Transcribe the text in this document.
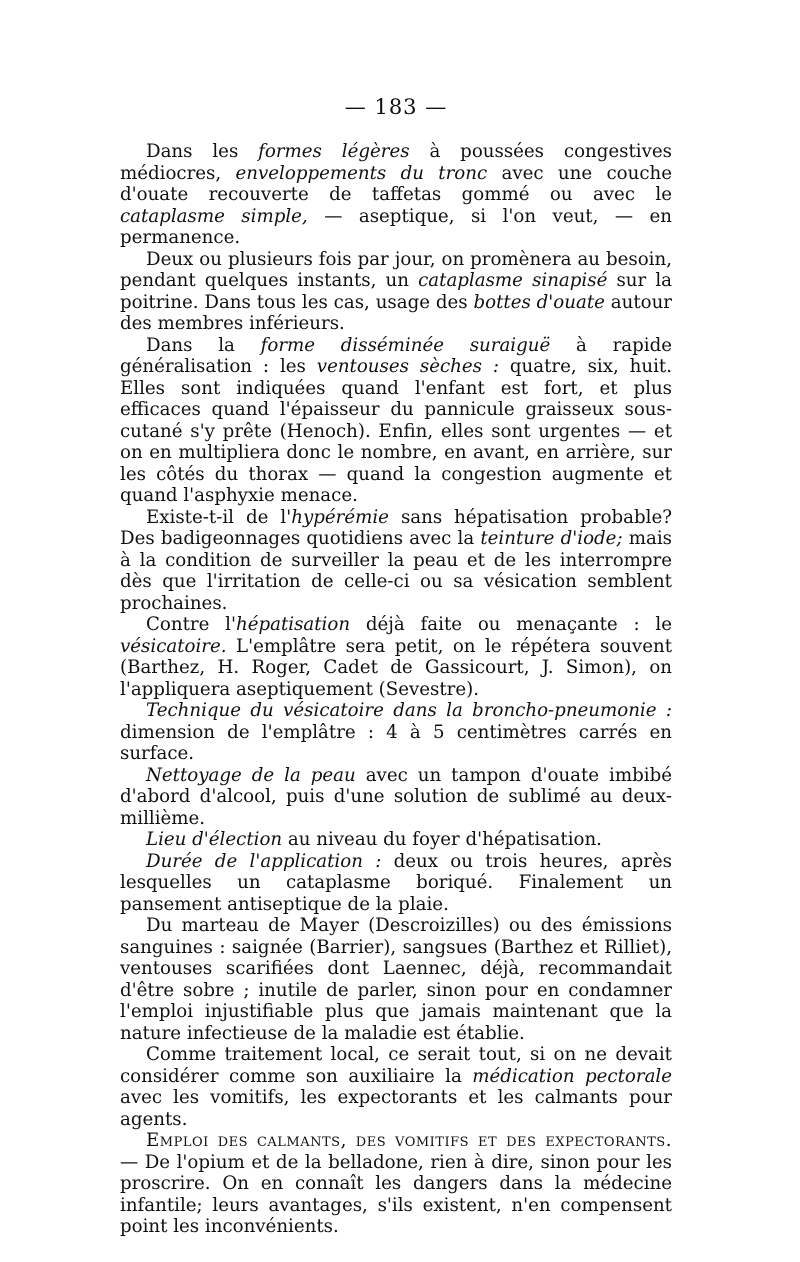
— 183 —

Dans les formes légères à poussées congestives médiocres, enveloppements du tronc avec une couche d'ouate recouverte de taffetas gommé ou avec le cataplasme simple, — aseptique, si l'on veut, — en permanence.

Deux ou plusieurs fois par jour, on promènera au besoin, pendant quelques instants, un cataplasme sinapisé sur la poitrine. Dans tous les cas, usage des bottes d'ouate autour des membres inférieurs.

Dans la forme disséminée suraiguë à rapide généralisation : les ventouses sèches : quatre, six, huit. Elles sont indiquées quand l'enfant est fort, et plus efficaces quand l'épaisseur du pannicule graisseux sous-cutané s'y prête (Henoch). Enfin, elles sont urgentes — et on en multipliera donc le nombre, en avant, en arrière, sur les côtés du thorax — quand la congestion augmente et quand l'asphyxie menace.

Existe-t-il de l'hypérémie sans hépatisation probable? Des badigeonnages quotidiens avec la teinture d'iode; mais à la condition de surveiller la peau et de les interrompre dès que l'irritation de celle-ci ou sa vésication semblent prochaines.

Contre l'hépatisation déjà faite ou menaçante : le vésicatoire. L'emplâtre sera petit, on le répétera souvent (Barthez, H. Roger, Cadet de Gassicourt, J. Simon), on l'appliquera aseptiquement (Sevestre).

Technique du vésicatoire dans la broncho-pneumonie : dimension de l'emplâtre : 4 à 5 centimètres carrés en surface.

Nettoyage de la peau avec un tampon d'ouate imbibé d'abord d'alcool, puis d'une solution de sublimé au deux-millième.

Lieu d'élection au niveau du foyer d'hépatisation.

Durée de l'application : deux ou trois heures, après lesquelles un cataplasme boriqué. Finalement un pansement antiseptique de la plaie.

Du marteau de Mayer (Descroizilles) ou des émissions sanguines : saignée (Barrier), sangsues (Barthez et Rilliet), ventouses scarifiées dont Laennec, déjà, recommandait d'être sobre ; inutile de parler, sinon pour en condamner l'emploi injustifiable plus que jamais maintenant que la nature infectieuse de la maladie est établie.

Comme traitement local, ce serait tout, si on ne devait considérer comme son auxiliaire la médication pectorale avec les vomitifs, les expectorants et les calmants pour agents.

Emploi des calmants, des vomitifs et des expectorants. — De l'opium et de la belladone, rien à dire, sinon pour les proscrire. On en connaît les dangers dans la médecine infantile; leurs avantages, s'ils existent, n'en compensent point les inconvénients.
